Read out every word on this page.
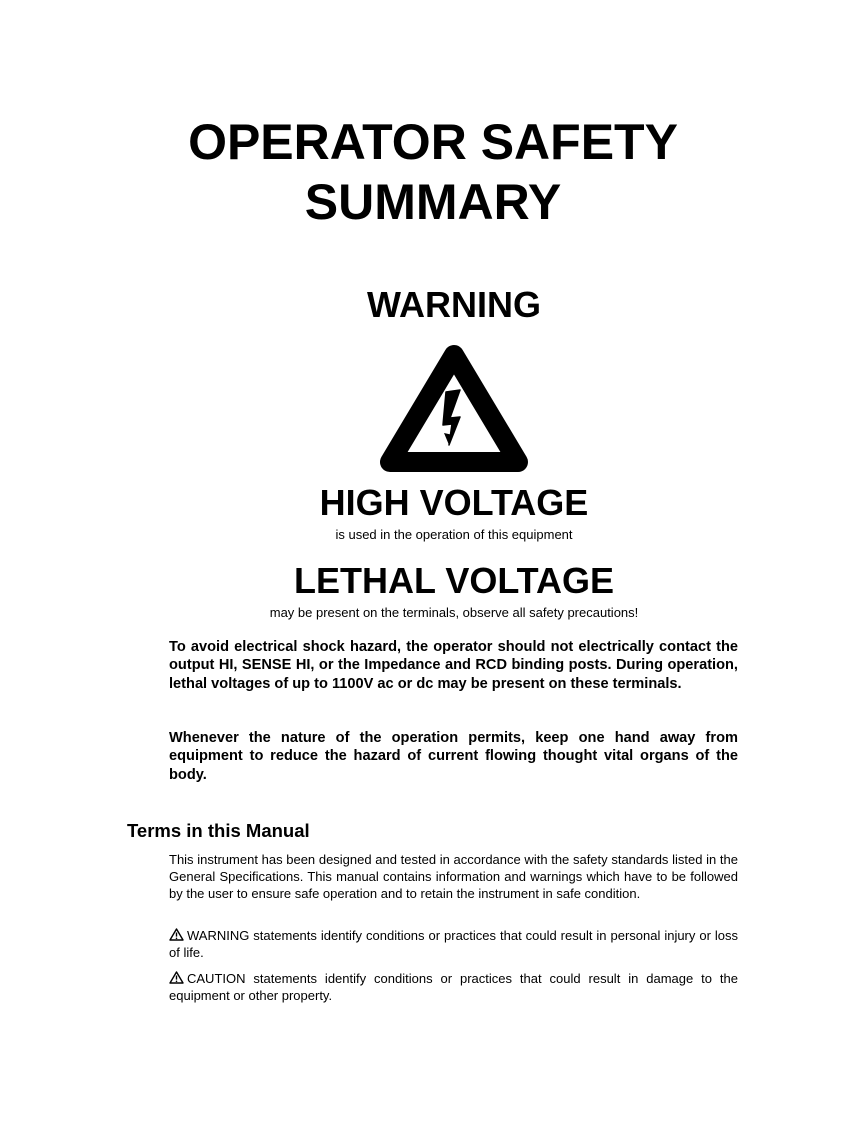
OPERATOR SAFETY
SUMMARY
WARNING
HIGH VOLTAGE

is used in the operation of this equipment

LETHAL VOLTAGE

may be present on the terminals, observe all safety precautions!

To avoid electrical shock hazard, the operator should not electrically contact the output HI, SENSE HI, or the Impedance and RCD binding posts. During operation, lethal voltages of up to 1100V ac or dc may be present on these terminals.

Whenever the nature of the operation permits, keep one hand away from equipment to reduce the hazard of current flowing thought vital organs of the body.

Terms in this Manual

This instrument has been designed and tested in accordance with the safety standards listed in the General Specifications. This manual contains information and warnings which have to be followed by the user to ensure safe operation and to retain the instrument in safe condition.

WARNING statements identify conditions or practices that could result in personal injury or loss of life.

CAUTION statements identify conditions or practices that could result in damage to the equipment or other property.
